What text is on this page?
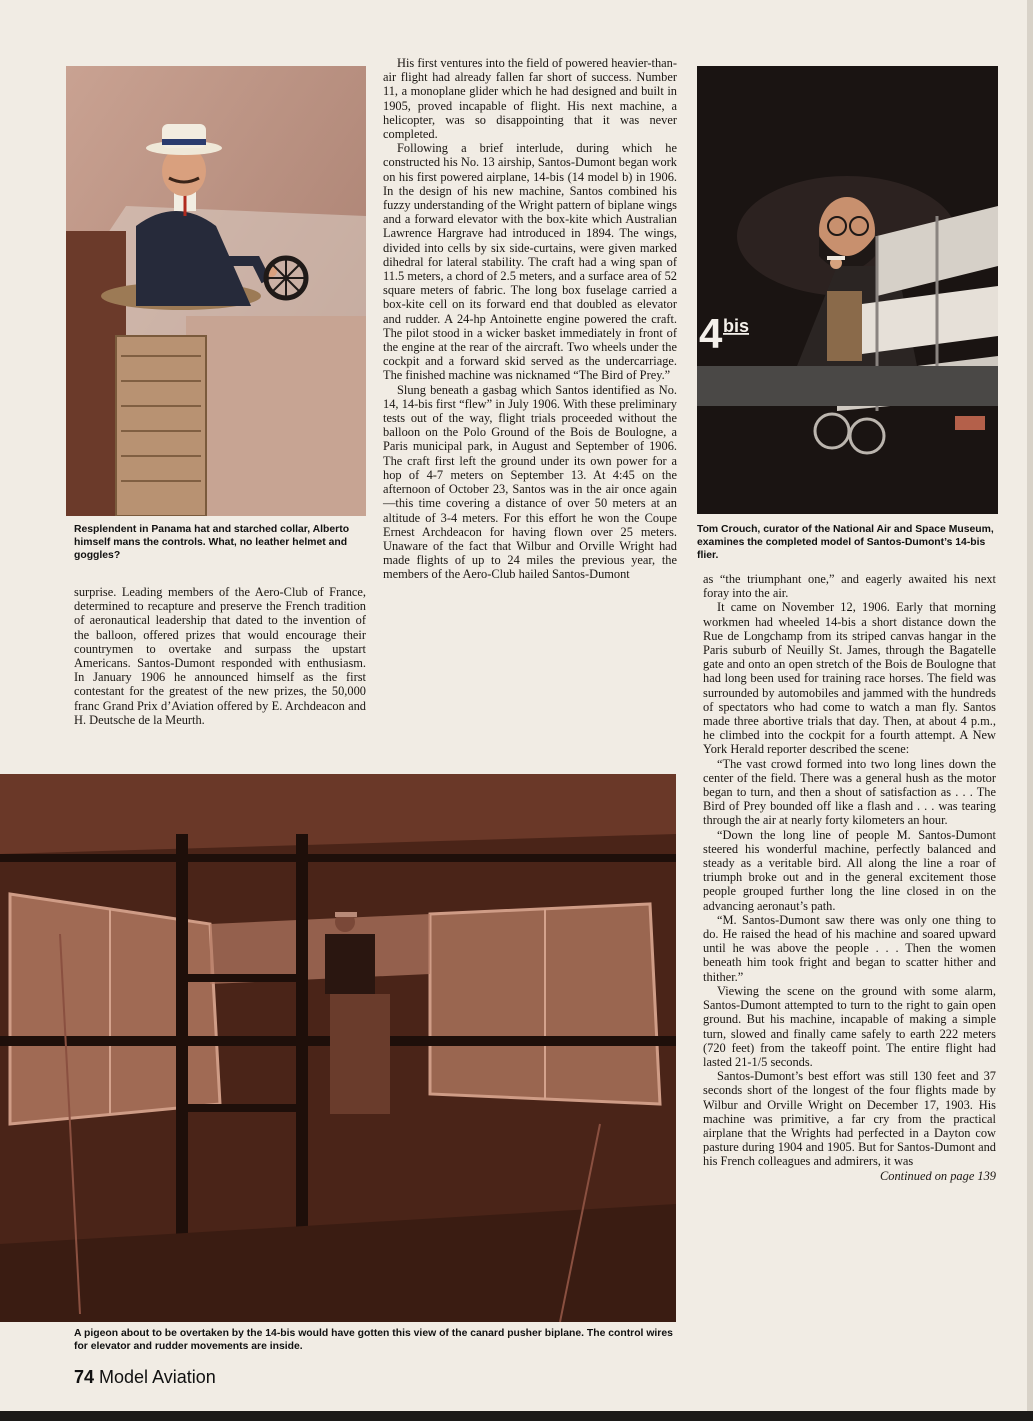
Resplendent in Panama hat and starched collar, Alberto himself mans the controls. What, no leather helmet and goggles?
4 bis
Tom Crouch, curator of the National Air and Space Museum, examines the completed model of Santos-Dumont’s 14-bis flier.
A pigeon about to be overtaken by the 14-bis would have gotten this view of the canard pusher biplane. The control wires for elevator and rudder movements are inside.

His first ventures into the field of powered heavier-than-air flight had already fallen far short of success. Number 11, a monoplane glider which he had designed and built in 1905, proved incapable of flight. His next machine, a helicopter, was so disappointing that it was never completed.

Following a brief interlude, during which he constructed his No. 13 airship, Santos-Dumont began work on his first powered airplane, 14-bis (14 model b) in 1906. In the design of his new machine, Santos combined his fuzzy understanding of the Wright pattern of biplane wings and a forward elevator with the box-kite which Australian Lawrence Hargrave had introduced in 1894. The wings, divided into cells by six side-curtains, were given marked dihedral for lateral stability. The craft had a wing span of 11.5 meters, a chord of 2.5 meters, and a surface area of 52 square meters of fabric. The long box fuselage carried a box-kite cell on its forward end that doubled as elevator and rudder. A 24-hp Antoinette engine powered the craft. The pilot stood in a wicker basket immediately in front of the engine at the rear of the aircraft. Two wheels under the cockpit and a forward skid served as the undercarriage. The finished machine was nicknamed “The Bird of Prey.”

Slung beneath a gasbag which Santos identified as No. 14, 14-bis first “flew” in July 1906. With these preliminary tests out of the way, flight trials proceeded without the balloon on the Polo Ground of the Bois de Boulogne, a Paris municipal park, in August and September of 1906. The craft first left the ground under its own power for a hop of 4-7 meters on September 13. At 4:45 on the afternoon of October 23, Santos was in the air once again—this time covering a distance of over 50 meters at an altitude of 3-4 meters. For this effort he won the Coupe Ernest Archdeacon for having flown over 25 meters. Unaware of the fact that Wilbur and Orville Wright had made flights of up to 24 miles the previous year, the members of the Aero-Club hailed Santos-Dumont

surprise. Leading members of the Aero-Club of France, determined to recapture and preserve the French tradition of aeronautical leadership that dated to the invention of the balloon, offered prizes that would encourage their countrymen to overtake and surpass the upstart Americans. Santos-Dumont responded with enthusiasm. In January 1906 he announced himself as the first contestant for the greatest of the new prizes, the 50,000 franc Grand Prix d’Aviation offered by E. Archdeacon and H. Deutsche de la Meurth.

as “the triumphant one,” and eagerly awaited his next foray into the air.

It came on November 12, 1906. Early that morning workmen had wheeled 14-bis a short distance down the Rue de Longchamp from its striped canvas hangar in the Paris suburb of Neuilly St. James, through the Bagatelle gate and onto an open stretch of the Bois de Boulogne that had long been used for training race horses. The field was surrounded by automobiles and jammed with the hundreds of spectators who had come to watch a man fly. Santos made three abortive trials that day. Then, at about 4 p.m., he climbed into the cockpit for a fourth attempt. A New York Herald reporter described the scene:

“The vast crowd formed into two long lines down the center of the field. There was a general hush as the motor began to turn, and then a shout of satisfaction as . . . The Bird of Prey bounded off like a flash and . . . was tearing through the air at nearly forty kilometers an hour.

“Down the long line of people M. Santos-Dumont steered his wonderful machine, perfectly balanced and steady as a veritable bird. All along the line a roar of triumph broke out and in the general excitement those people grouped further long the line closed in on the advancing aeronaut’s path.

“M. Santos-Dumont saw there was only one thing to do. He raised the head of his machine and soared upward until he was above the people . . . Then the women beneath him took fright and began to scatter hither and thither.”

Viewing the scene on the ground with some alarm, Santos-Dumont attempted to turn to the right to gain open ground. But his machine, incapable of making a simple turn, slowed and finally came safely to earth 222 meters (720 feet) from the takeoff point. The entire flight had lasted 21-1/5 seconds.

Santos-Dumont’s best effort was still 130 feet and 37 seconds short of the longest of the four flights made by Wilbur and Orville Wright on December 17, 1903. His machine was primitive, a far cry from the practical airplane that the Wrights had perfected in a Dayton cow pasture during 1904 and 1905. But for Santos-Dumont and his French colleagues and admirers, it was

Continued on page 139

74 Model Aviation
